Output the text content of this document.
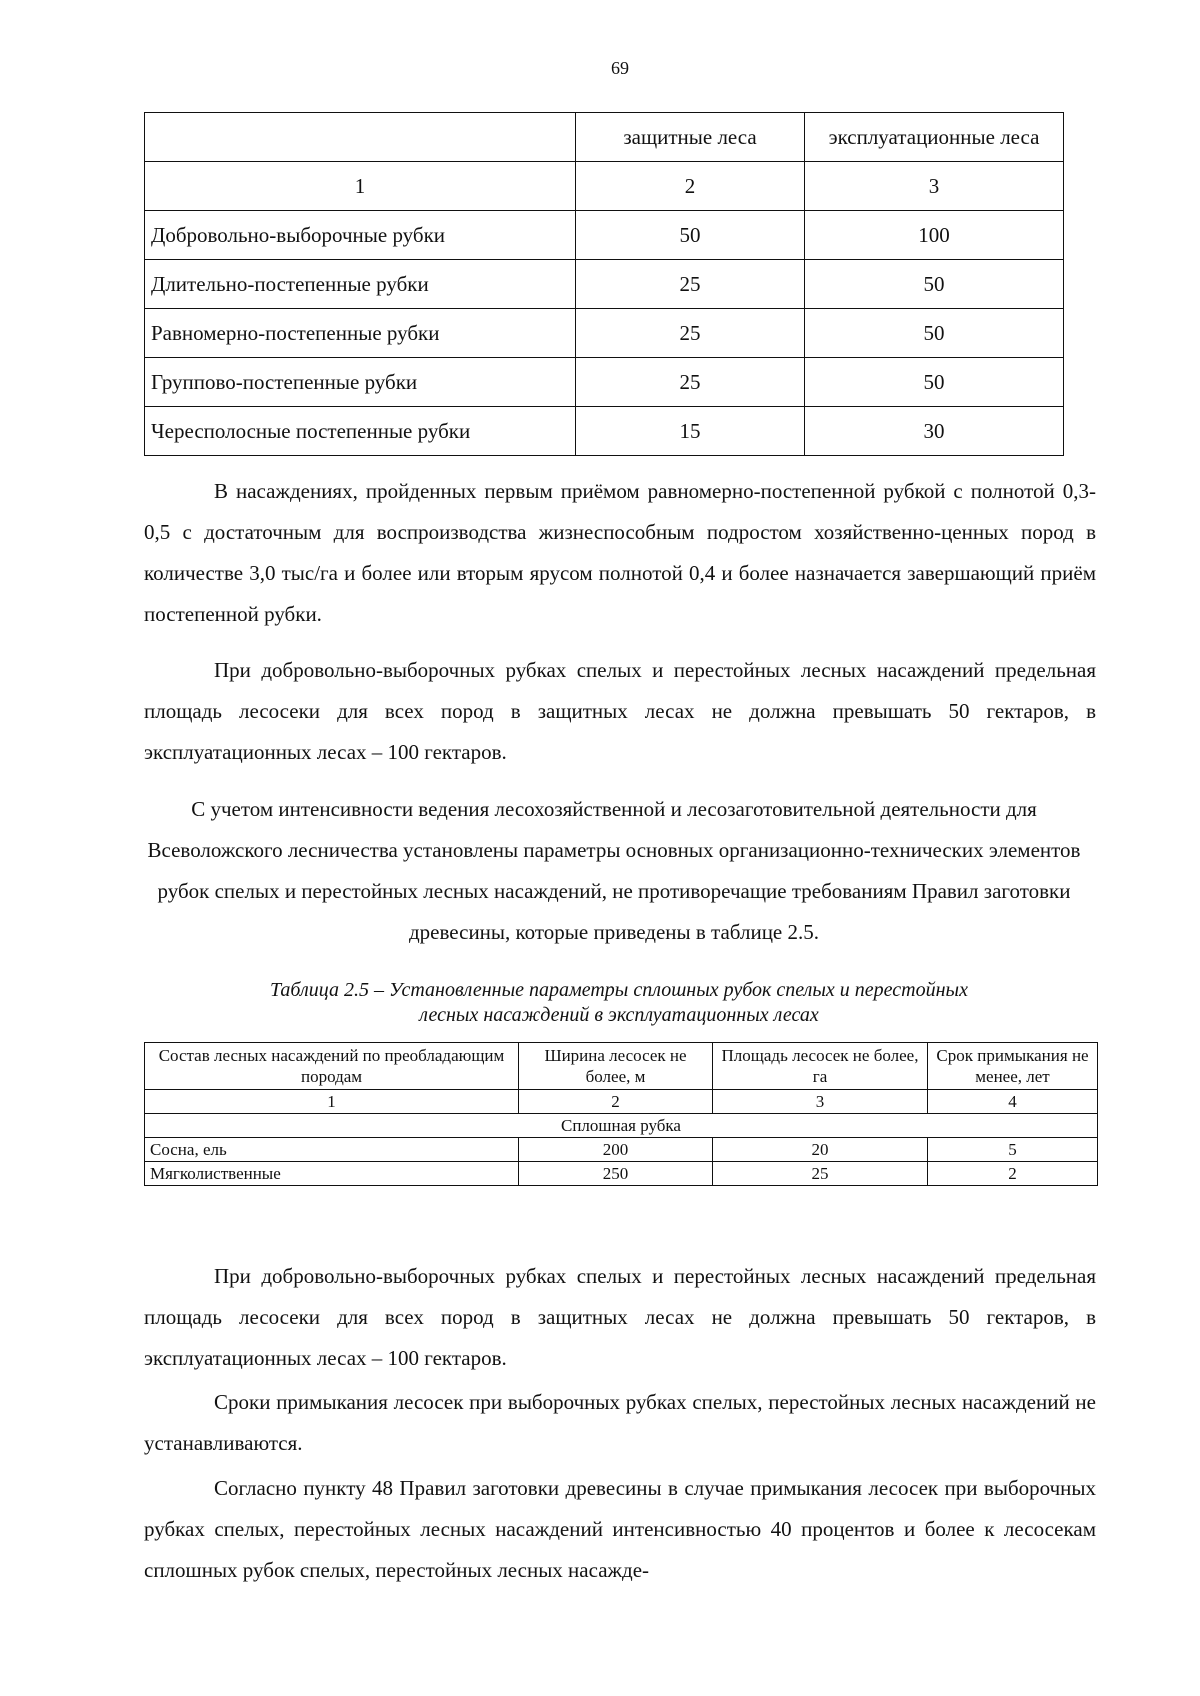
69
	защитные леса	эксплуатационные леса
1	2	3
Добровольно-выборочные рубки	50	100
Длительно-постепенные рубки	25	50
Равномерно-постепенные рубки	25	50
Группово-постепенные рубки	25	50
Чересполосные постепенные рубки	15	30

В насаждениях, пройденных первым приёмом равномерно-постепенной рубкой с полнотой 0,3-0,5 с достаточным для воспроизводства жизнеспособным подростом хозяйственно-ценных пород в количестве 3,0 тыс/га и более или вторым ярусом полнотой 0,4 и более назначается завершающий приём постепенной рубки.

При добровольно-выборочных рубках спелых и перестойных лесных насаждений предельная площадь лесосеки для всех пород в защитных лесах не должна превышать 50 гектаров, в эксплуатационных лесах – 100 гектаров.

С учетом интенсивности ведения лесохозяйственной и лесозаготовительной деятельности для Всеволожского лесничества установлены параметры основных организационно-технических элементов рубок спелых и перестойных лесных насаждений, не противоречащие требованиям Правил заготовки древесины, которые приведены в таблице 2.5.

Таблица 2.5 – Установленные параметры сплошных рубок спелых и перестойных
лесных насаждений в эксплуатационных лесах
Состав лесных насаждений по преобладающим породам	Ширина лесосек не более, м	Площадь лесосек не более, га	Срок примыкания не менее, лет
1	2	3	4
Сплошная рубка			
Сосна, ель	200	20	5
Мягколиственные	250	25	2

При добровольно-выборочных рубках спелых и перестойных лесных насаждений предельная площадь лесосеки для всех пород в защитных лесах не должна превышать 50 гектаров, в эксплуатационных лесах – 100 гектаров.

Сроки примыкания лесосек при выборочных рубках спелых, перестойных лесных насаждений не устанавливаются.

Согласно пункту 48 Правил заготовки древесины в случае примыкания лесосек при выборочных рубках спелых, перестойных лесных насаждений интенсивностью 40 процентов и более к лесосекам сплошных рубок спелых, перестойных лесных насажде-
